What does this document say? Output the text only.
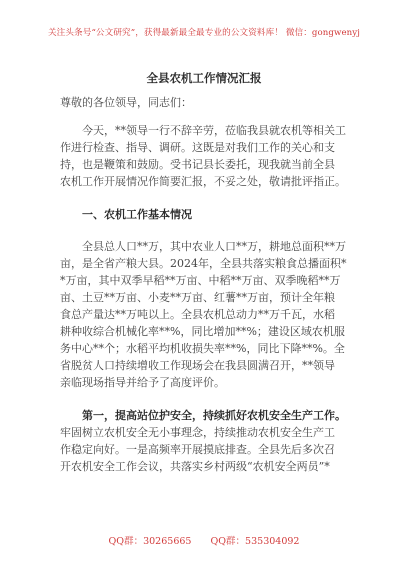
关注头条号“公文研究”，获得最新最全最专业的公文资料库！ 微信：gongwenyj
全县农机工作情况汇报
尊敬的各位领导，同志们：
今天，**领导一行不辞辛劳，莅临我县就农机等相关工
作进行检查、指导、调研。这既是对我们工作的关心和支
持，也是鞭策和鼓励。受书记县长委托，现我就当前全县
农机工作开展情况作简要汇报，不妥之处，敬请批评指正。
一、农机工作基本情况
全县总人口**万，其中农业人口**万，耕地总面积**万
亩，是全省产粮大县。2024年，全县共落实粮食总播面积*
*万亩，其中双季早稻**万亩、中稻**万亩、双季晚稻**万
亩、土豆**万亩、小麦**万亩、红薯**万亩，预计全年粮
食总产量达**万吨以上。全县农机总动力**万千瓦，水稻
耕种收综合机械化率**%，同比增加**%；建设区域农机服
务中心**个；水稻平均机收损失率**%，同比下降**%。全
省脱贫人口持续增收工作现场会在我县圆满召开，**领导
亲临现场指导并给予了高度评价。
第一，提高站位护安全，持续抓好农机安全生产工作。
牢固树立农机安全无小事理念，持续推动农机安全生产工
作稳定向好。一是高频率开展摸底排查。全县先后多次召
开农机安全工作会议，共落实乡村两级“农机安全两员”*
QQ群：30265665 QQ群：535304092
